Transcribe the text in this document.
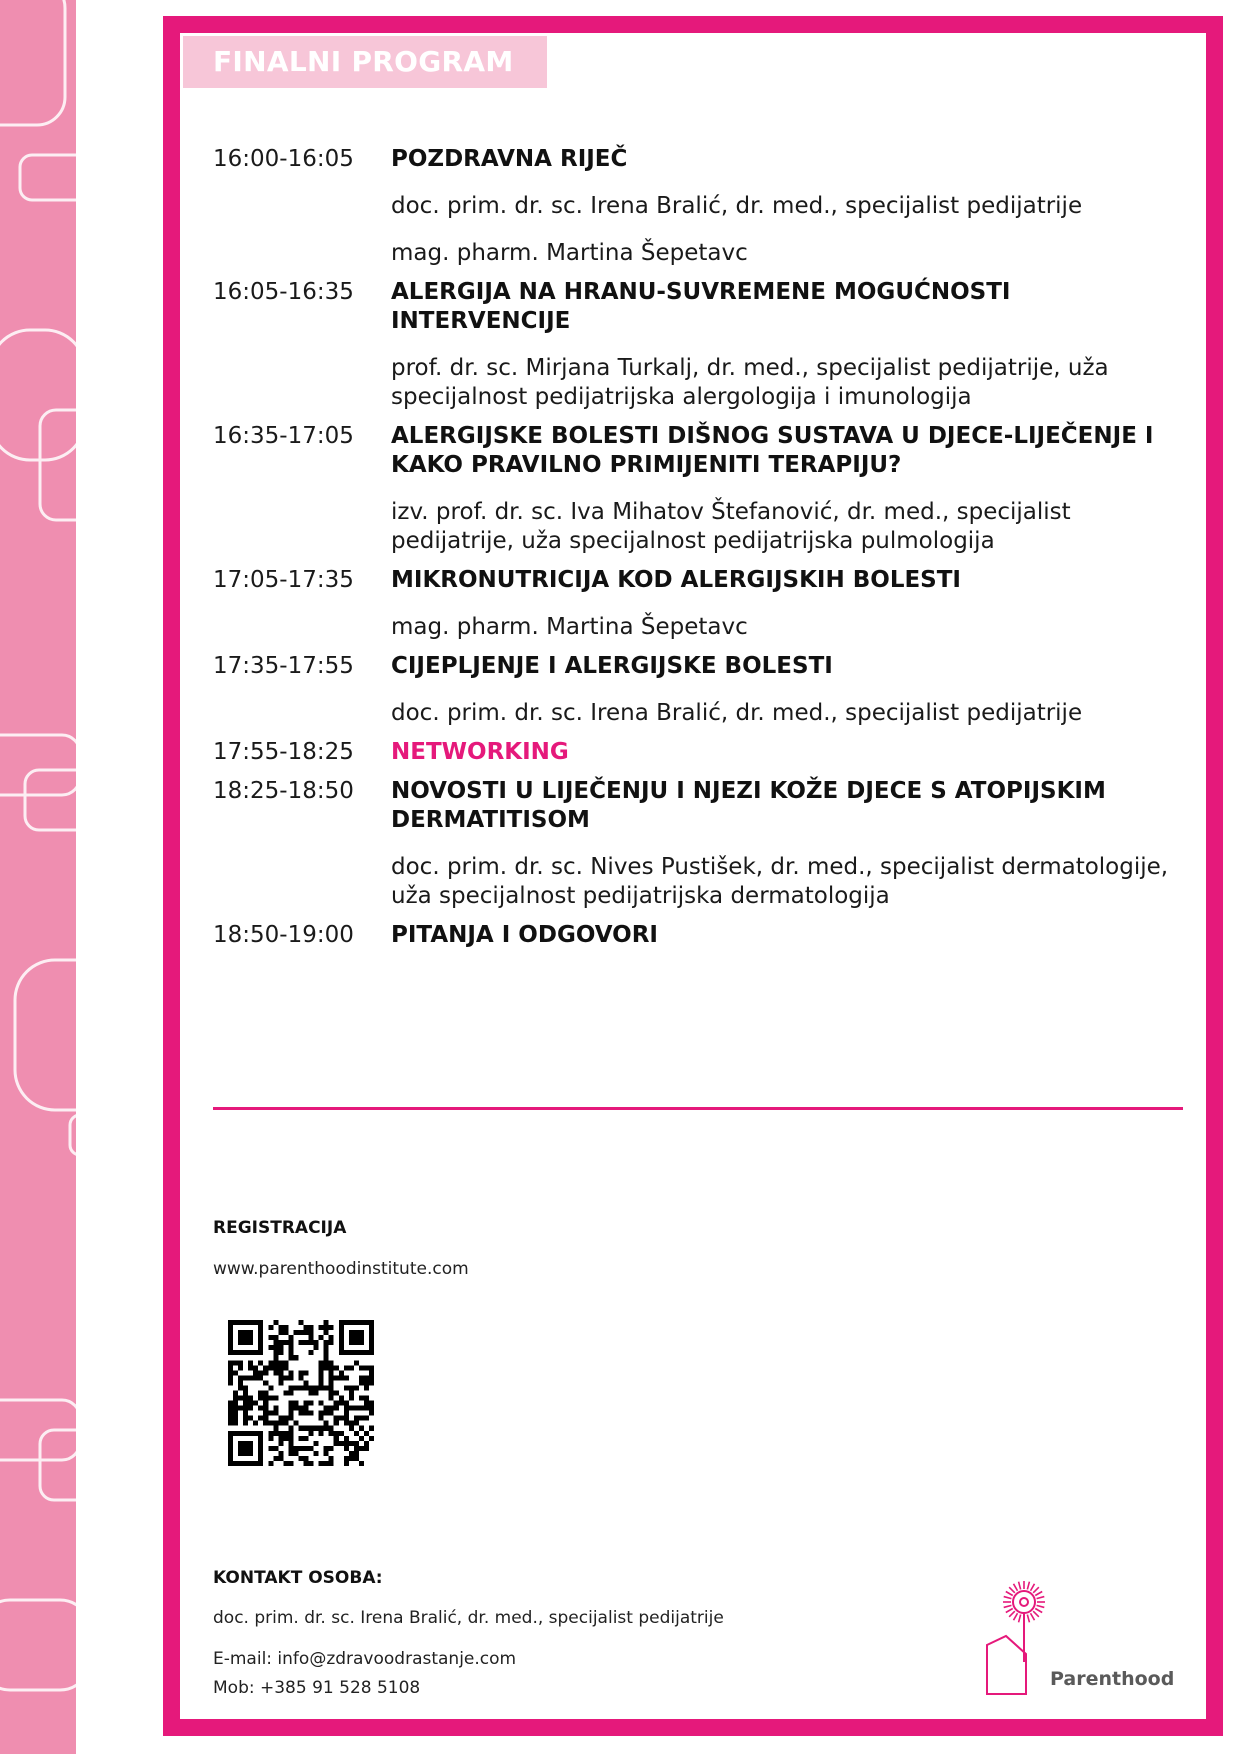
FINALNI PROGRAM
16:00-16:05	POZDRAVNA RIJEČ
doc. prim. dr. sc. Irena Bralić, dr. med., specijalist pedijatrije
mag. pharm. Martina Šepetavc
16:05-16:35	ALERGIJA NA HRANU-SUVREMENE MOGUĆNOSTI INTERVENCIJE
prof. dr. sc. Mirjana Turkalj, dr. med., specijalist pedijatrije, uža specijalnost pedijatrijska alergologija i imunologija
16:35-17:05	ALERGIJSKE BOLESTI DIŠNOG SUSTAVA U DJECE-LIJEČENJE I KAKO PRAVILNO PRIMIJENITI TERAPIJU?
izv. prof. dr. sc. Iva Mihatov Štefanović, dr. med., specijalist pedijatrije, uža specijalnost pedijatrijska pulmologija
17:05-17:35	MIKRONUTRICIJA KOD ALERGIJSKIH BOLESTI
mag. pharm. Martina Šepetavc
17:35-17:55	CIJEPLJENJE I ALERGIJSKE BOLESTI
doc. prim. dr. sc. Irena Bralić, dr. med., specijalist pedijatrije
17:55-18:25	NETWORKING
18:25-18:50	NOVOSTI U LIJEČENJU I NJEZI KOŽE DJECE S ATOPIJSKIM DERMATITISOM
doc. prim. dr. sc. Nives Pustišek, dr. med., specijalist dermatologije, uža specijalnost pedijatrijska dermatologija
18:50-19:00	PITANJA I ODGOVORI
REGISTRACIJA
www.parenthoodinstitute.com
KONTAKT OSOBA:
doc. prim. dr. sc. Irena Bralić, dr. med., specijalist pedijatrije
E-mail: info@zdravoodrastanje.com
Mob: +385 91 528 5108	Parenthood
